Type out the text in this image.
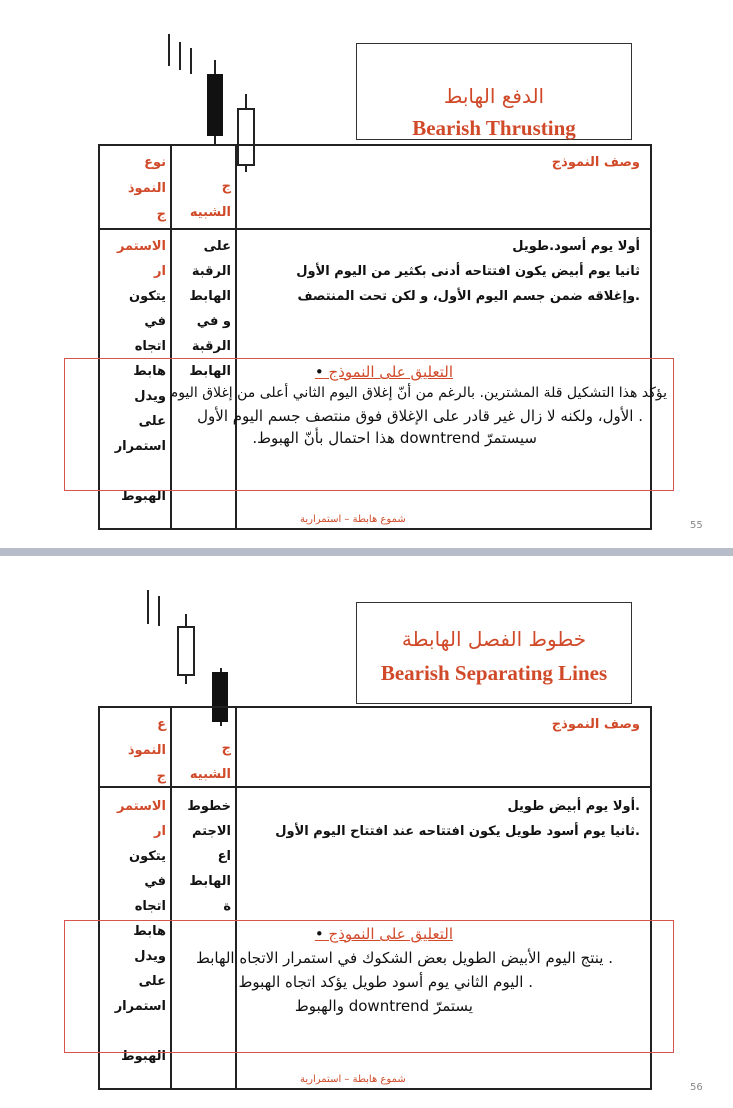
الدفع الهابط
Bearish Thrusting
وصف النموذج
ج
الشبيه
نوع
النموذ
ج
أولا يوم أسود.طويل
ثانيا يوم أبيض يكون افتتاحه أدنى بكثير من اليوم الأول
.وإغلاقه ضمن جسم اليوم الأول، و لكن تحت المنتصف
على
الرقبة
الهابط
و في
الرقبة
الهابط
الاستمر
ار
يتكون
في
اتجاه
هابط
ويدل
على
استمرار

الهبوط
التعليق على النموذج •
يؤكد هذا التشكيل قلة المشترين. بالرغم من أنّ إغلاق اليوم الثاني أعلى من إغلاق اليوم
. الأول، ولكنه لا زال غير قادر على الإغلاق فوق منتصف جسم اليوم الأول
سيستمرّ downtrend هذا احتمال بأنّ الهبوط.
شموع هابطة – استمرارية
55
خطوط الفصل الهابطة
Bearish Separating Lines
وصف النموذج
ج
الشبيه
ع
النموذ
ج
.أولا يوم أبيض طويل
.ثانيا يوم أسود طويل يكون افتتاحه عند افتتاح اليوم الأول
خطوط
الاجتم
اع
الهابط
ة
الاستمر
ار
يتكون
في
اتجاه
هابط
ويدل
على
استمرار

الهبوط
التعليق على النموذج •
. ينتج اليوم الأبيض الطويل بعض الشكوك في استمرار الاتجاه الهابط
. اليوم الثاني يوم أسود طويل يؤكد اتجاه الهبوط
يستمرّ downtrend والهبوط
شموع هابطة – استمرارية
56
